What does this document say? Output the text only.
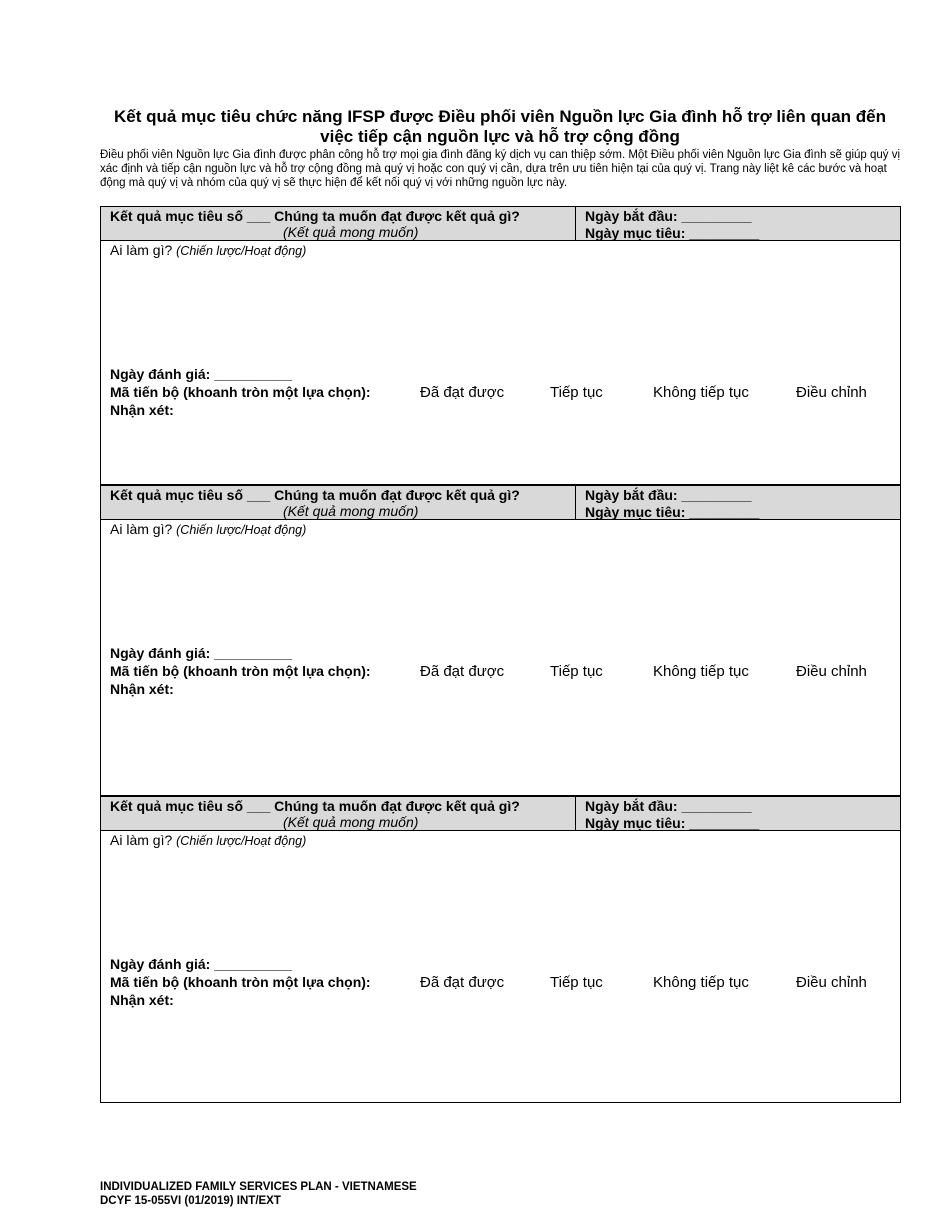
Kết quả mục tiêu chức năng IFSP được Điều phối viên Nguồn lực Gia đình hỗ trợ liên quan đến việc tiếp cận nguồn lực và hỗ trợ cộng đồng
Điều phối viên Nguồn lực Gia đình được phân công hỗ trợ mọi gia đình đăng ký dịch vụ can thiệp sớm. Một Điều phối viên Nguồn lực Gia đình sẽ giúp quý vị xác định và tiếp cận nguồn lực và hỗ trợ cộng đồng mà quý vị hoặc con quý vị cần, dựa trên ưu tiên hiện tại của quý vị. Trang này liệt kê các bước và hoạt động mà quý vị và nhóm của quý vị sẽ thực hiện để kết nối quý vị với những nguồn lực này.
Kết quả mục tiêu số ___ Chúng ta muốn đạt được kết quả gì?
(Kết quả mong muốn)
Ngày bắt đầu: _________
Ngày mục tiêu: _________
Ai làm gì? (Chiến lược/Hoạt động)
Ngày đánh giá: __________
Mã tiến bộ (khoanh tròn một lựa chọn):	Đã đạt được	Tiếp tục	Không tiếp tục	Điều chỉnh
Nhận xét:
Kết quả mục tiêu số ___ Chúng ta muốn đạt được kết quả gì?
(Kết quả mong muốn)
Ngày bắt đầu: _________
Ngày mục tiêu: _________
Ai làm gì? (Chiến lược/Hoạt động)
Ngày đánh giá: __________
Mã tiến bộ (khoanh tròn một lựa chọn):	Đã đạt được	Tiếp tục	Không tiếp tục	Điều chỉnh
Nhận xét:
Kết quả mục tiêu số ___ Chúng ta muốn đạt được kết quả gì?
(Kết quả mong muốn)
Ngày bắt đầu: _________
Ngày mục tiêu: _________
Ai làm gì? (Chiến lược/Hoạt động)
Ngày đánh giá: __________
Mã tiến bộ (khoanh tròn một lựa chọn):	Đã đạt được	Tiếp tục	Không tiếp tục	Điều chỉnh
Nhận xét:
INDIVIDUALIZED FAMILY SERVICES PLAN - VIETNAMESE
DCYF 15-055VI (01/2019) INT/EXT
